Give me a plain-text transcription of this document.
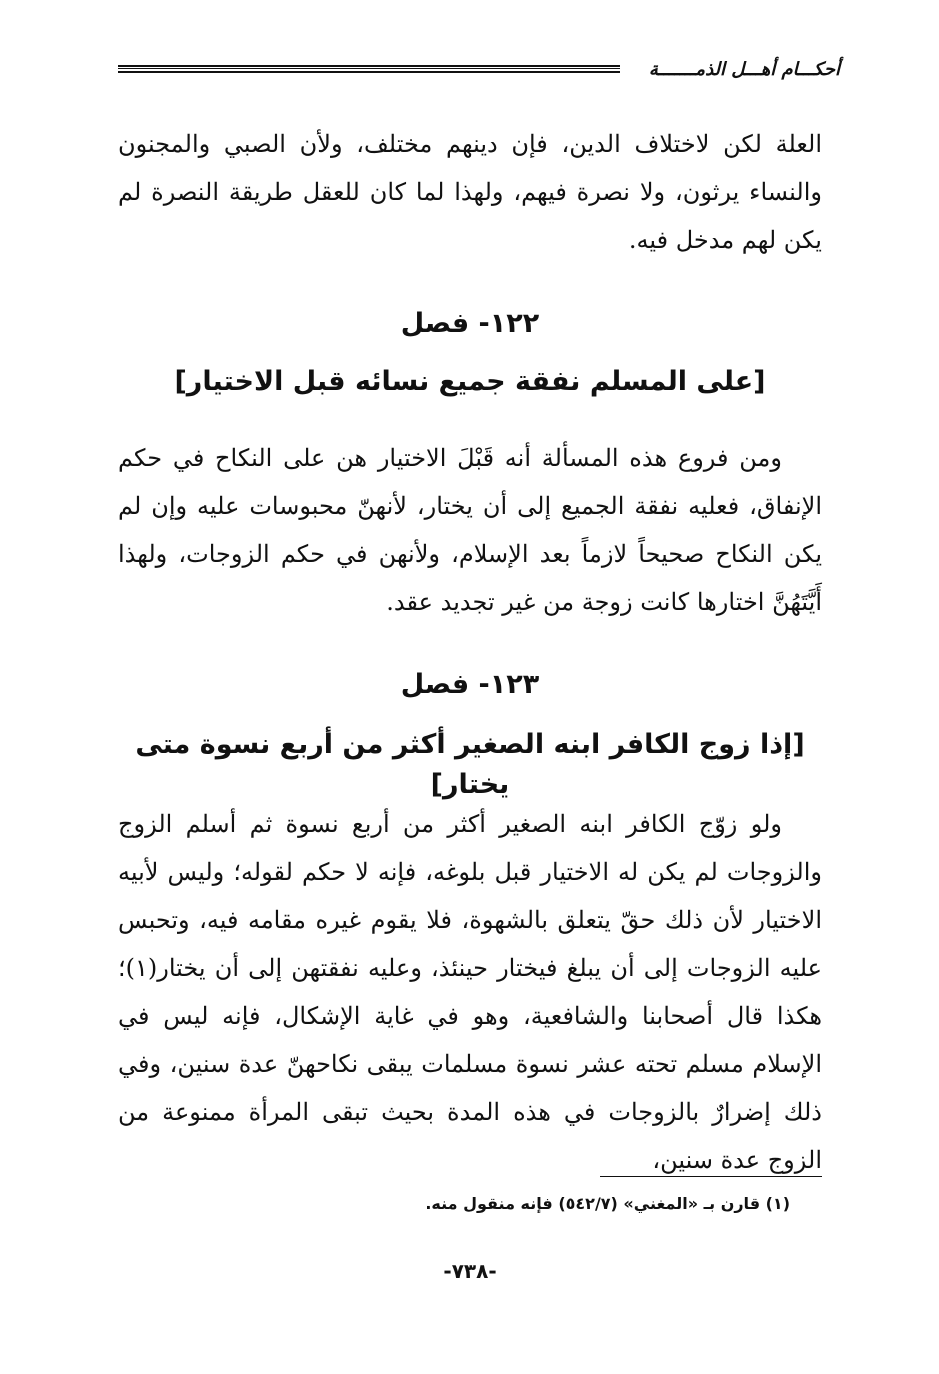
أحكـــام أهـــل الذمـــــــة

العلة لكن لاختلاف الدين، فإن دينهم مختلف، ولأن الصبي والمجنون والنساء يرثون، ولا نصرة فيهم، ولهذا لما كان للعقل طريقة النصرة لم يكن لهم مدخل فيه.

١٢٢- فصل
[على المسلم نفقة جميع نسائه قبل الاختيار]

ومن فروع هذه المسألة أنه قَبْلَ الاختيار هن على النكاح في حكم الإنفاق، فعليه نفقة الجميع إلى أن يختار، لأنهنّ محبوسات عليه وإن لم يكن النكاح صحيحاً لازماً بعد الإسلام، ولأنهن في حكم الزوجات، ولهذا أَيَّتَهُنَّ اختارها كانت زوجة من غير تجديد عقد.

١٢٣- فصل
[إذا زوج الكافر ابنه الصغير أكثر من أربع نسوة متى يختار]

ولو زوّج الكافر ابنه الصغير أكثر من أربع نسوة ثم أسلم الزوج والزوجات لم يكن له الاختيار قبل بلوغه، فإنه لا حكم لقوله؛ وليس لأبيه الاختيار لأن ذلك حقّ يتعلق بالشهوة، فلا يقوم غيره مقامه فيه، وتحبس عليه الزوجات إلى أن يبلغ فيختار حينئذ، وعليه نفقتهن إلى أن يختار(١)؛ هكذا قال أصحابنا والشافعية، وهو في غاية الإشكال، فإنه ليس في الإسلام مسلم تحته عشر نسوة مسلمات يبقى نكاحهنّ عدة سنين، وفي ذلك إضرارٌ بالزوجات في هذه المدة بحيث تبقى المرأة ممنوعة من الزوج عدة سنين،

(١) قارن بـ «المغني» (٥٤٢/٧) فإنه منقول منه.

-٧٣٨-
